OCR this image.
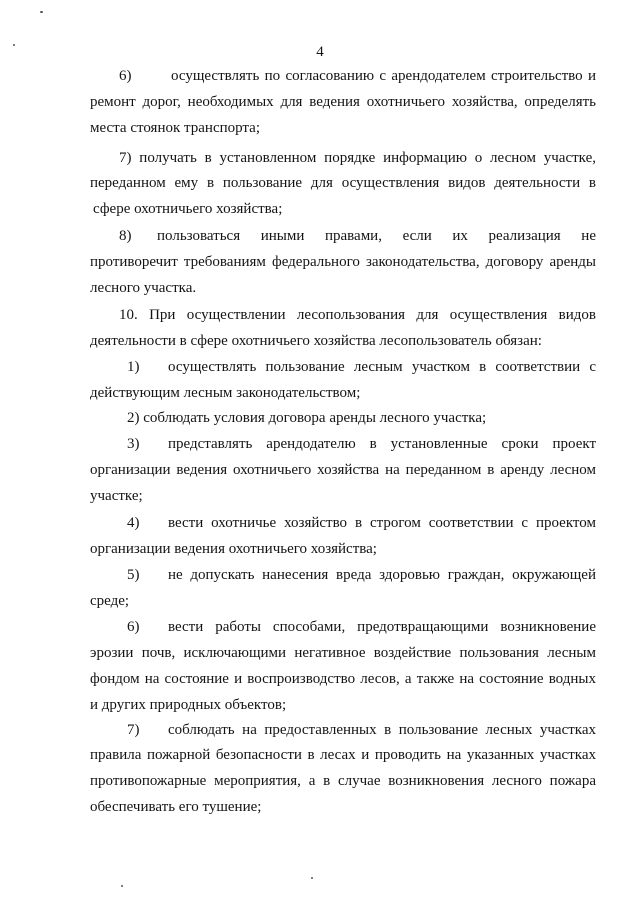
4
6)	осуществлять по согласованию с арендодателем строительство и
ремонт дорог, необходимых для ведения охотничьего хозяйства, определять
места стоянок транспорта;
7) получать в установленном порядке информацию о лесном участке,
переданном ему в пользование для осуществления видов деятельности в
сфере охотничьего хозяйства;
8) пользоваться иными правами, если их реализация не
противоречит требованиям федерального законодательства, договору аренды
лесного участка.
10. При осуществлении лесопользования для осуществления видов
деятельности в сфере охотничьего хозяйства лесопользователь обязан:
1) осуществлять пользование лесным участком в соответствии с
действующим лесным законодательством;
2) соблюдать условия договора аренды лесного участка;
3) представлять арендодателю в установленные сроки проект
организации ведения охотничьего хозяйства на переданном в аренду лесном
участке;
4) вести охотничье хозяйство в строгом соответствии с проектом
организации ведения охотничьего хозяйства;
5) не допускать нанесения вреда здоровью граждан, окружающей
среде;
6) вести работы способами, предотвращающими возникновение
эрозии почв, исключающими негативное воздействие пользования лесным
фондом на состояние и воспроизводство лесов, а также на состояние водных
и других природных объектов;
7) соблюдать на предоставленных в пользование лесных участках
правила пожарной безопасности в лесах и проводить на указанных участках
противопожарные мероприятия, а в случае возникновения лесного пожара
обеспечивать его тушение;
